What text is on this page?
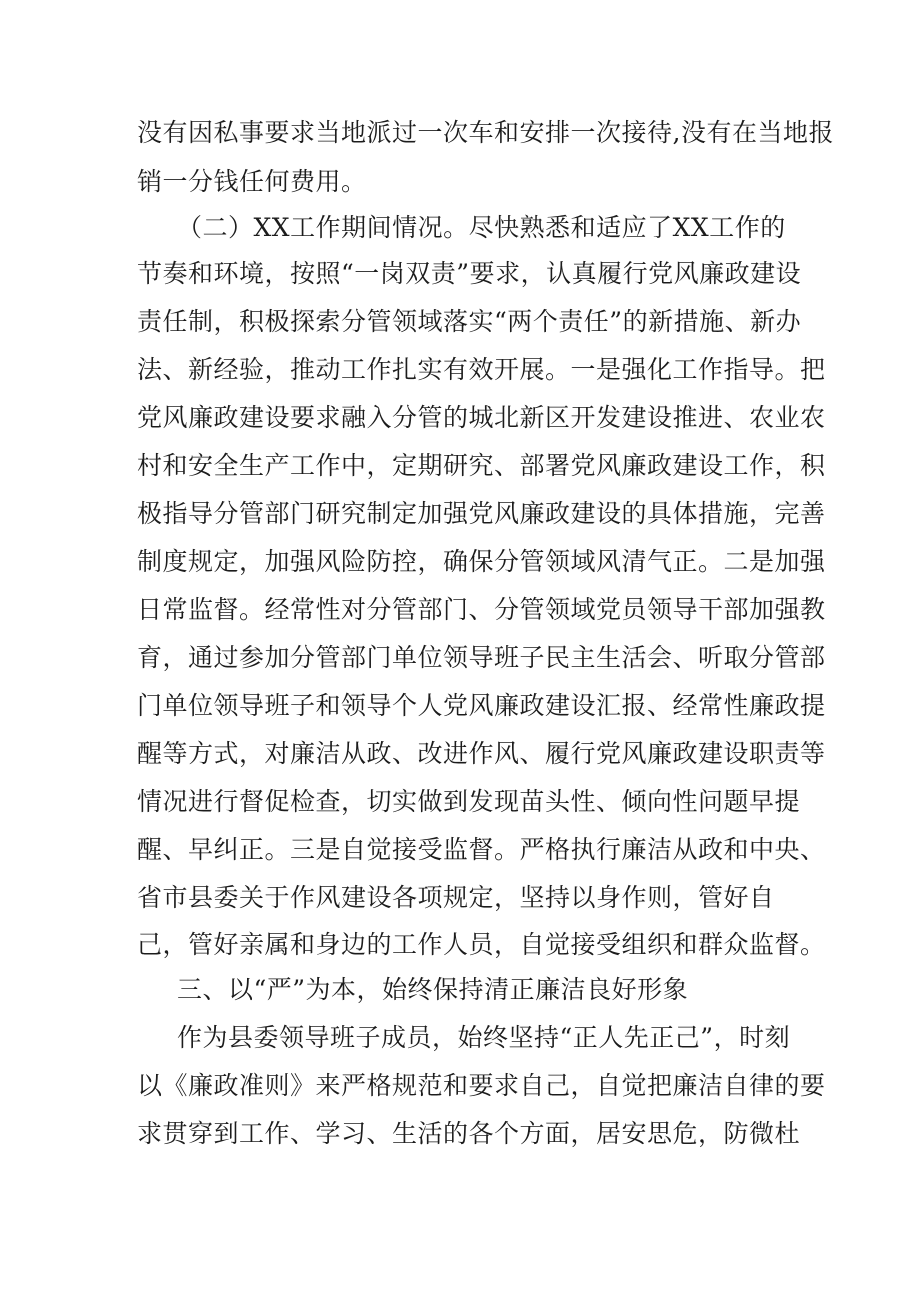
没有因私事要求当地派过一次车和安排一次接待,没有在当地报
销一分钱任何费用。
（二）XX工作期间情况。尽快熟悉和适应了XX工作的
节奏和环境，按照“一岗双责”要求，认真履行党风廉政建设
责任制，积极探索分管领域落实“两个责任”的新措施、新办
法、新经验，推动工作扎实有效开展。一是强化工作指导。把
党风廉政建设要求融入分管的城北新区开发建设推进、农业农
村和安全生产工作中，定期研究、部署党风廉政建设工作，积
极指导分管部门研究制定加强党风廉政建设的具体措施，完善
制度规定，加强风险防控，确保分管领域风清气正。二是加强
日常监督。经常性对分管部门、分管领域党员领导干部加强教
育，通过参加分管部门单位领导班子民主生活会、听取分管部
门单位领导班子和领导个人党风廉政建设汇报、经常性廉政提
醒等方式，对廉洁从政、改进作风、履行党风廉政建设职责等
情况进行督促检查，切实做到发现苗头性、倾向性问题早提
醒、早纠正。三是自觉接受监督。严格执行廉洁从政和中央、
省市县委关于作风建设各项规定，坚持以身作则，管好自
己，管好亲属和身边的工作人员，自觉接受组织和群众监督。
三、以“严”为本，始终保持清正廉洁良好形象
作为县委领导班子成员，始终坚持“正人先正己”，时刻
以《廉政准则》来严格规范和要求自己，自觉把廉洁自律的要
求贯穿到工作、学习、生活的各个方面，居安思危，防微杜
